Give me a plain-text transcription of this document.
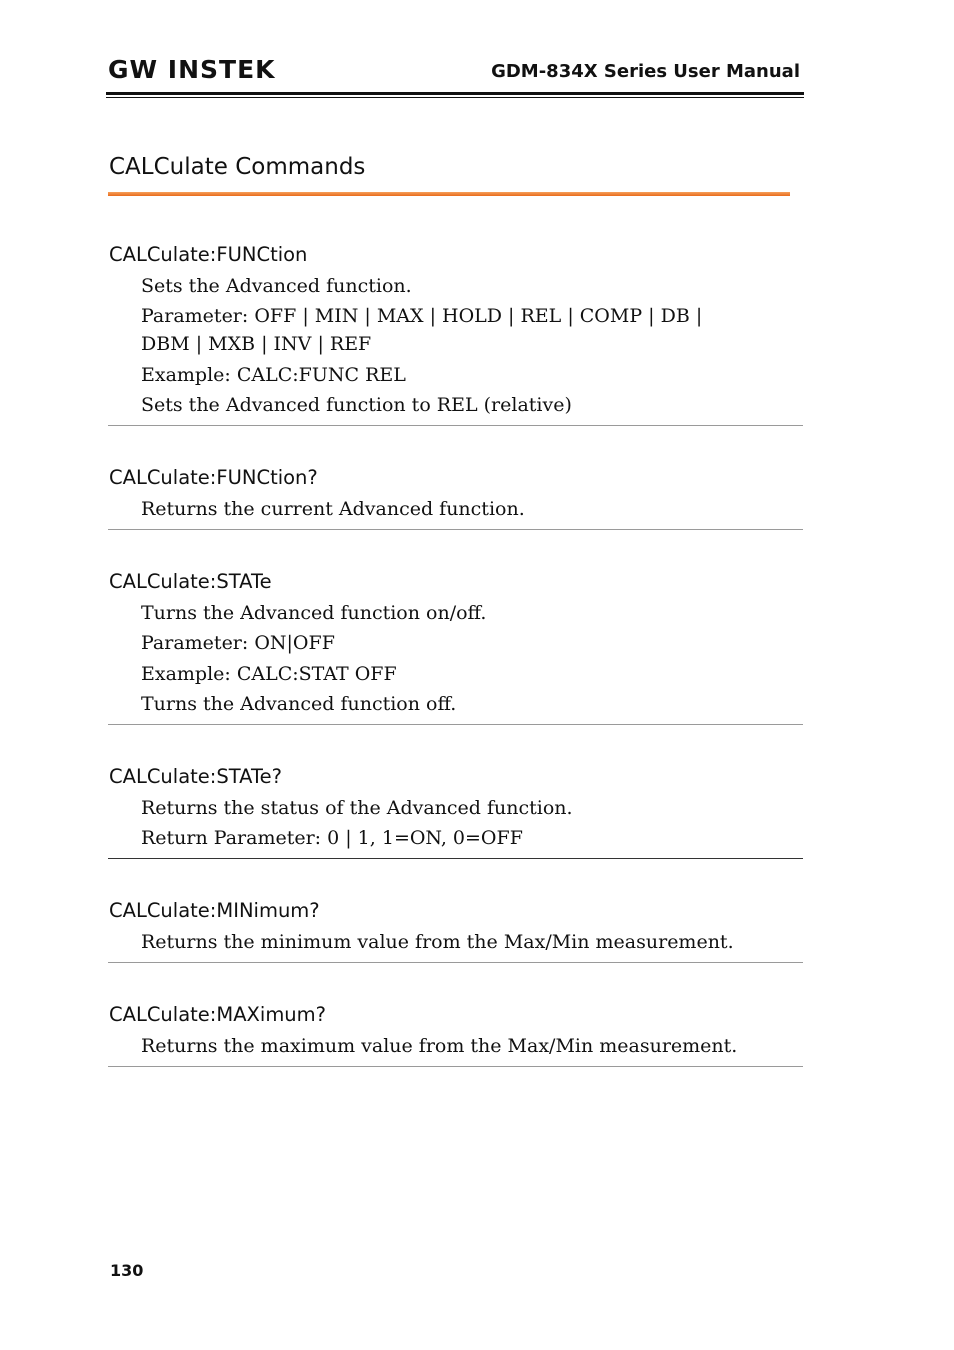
GW INSTEK	GDM-834X Series User Manual
CALCulate Commands
CALCulate:FUNCtion
Sets the Advanced function.
Parameter: OFF | MIN | MAX | HOLD | REL | COMP | DB |
DBM | MXB | INV | REF
Example: CALC:FUNC REL
Sets the Advanced function to REL (relative)
CALCulate:FUNCtion?
Returns the current Advanced function.
CALCulate:STATe
Turns the Advanced function on/off.
Parameter: ON|OFF
Example: CALC:STAT OFF
Turns the Advanced function off.
CALCulate:STATe?
Returns the status of the Advanced function.
Return Parameter: 0 | 1, 1=ON, 0=OFF
CALCulate:MINimum?
Returns the minimum value from the Max/Min measurement.
CALCulate:MAXimum?
Returns the maximum value from the Max/Min measurement.
130
